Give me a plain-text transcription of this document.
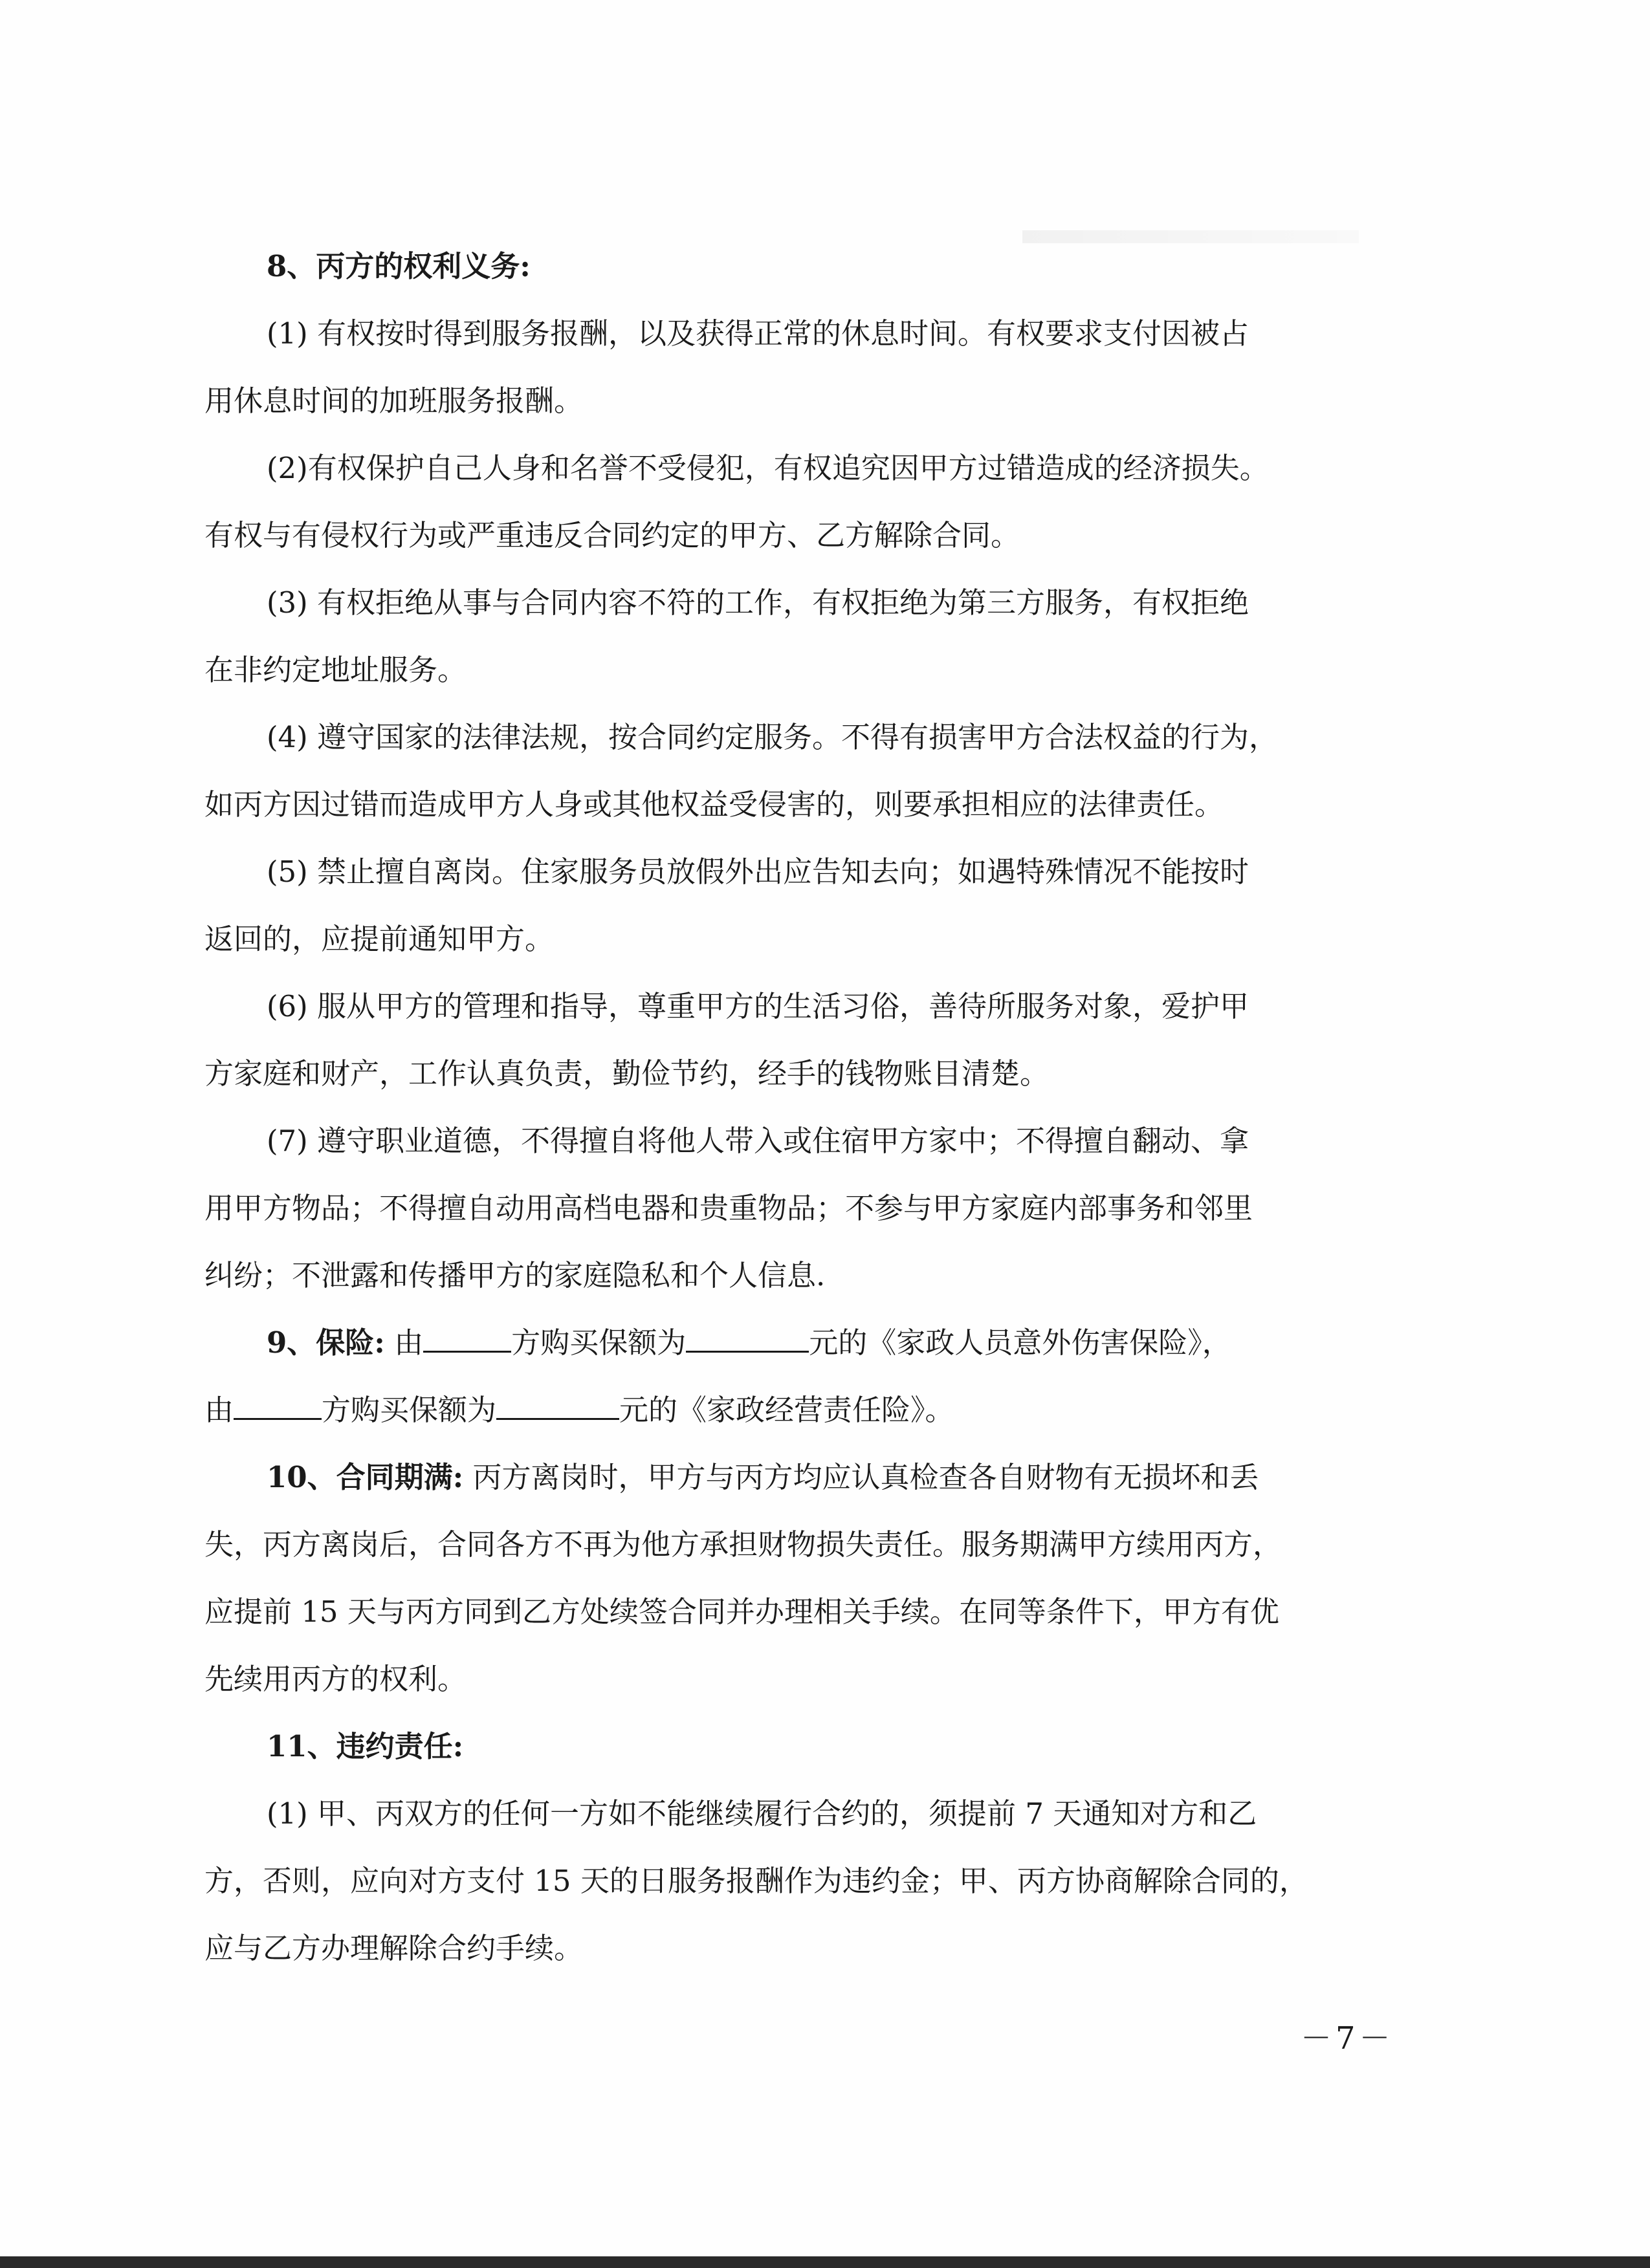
8、丙方的权利义务:
(1) 有权按时得到服务报酬，以及获得正常的休息时间。有权要求支付因被占
用休息时间的加班服务报酬。
(2)有权保护自己人身和名誉不受侵犯，有权追究因甲方过错造成的经济损失。
有权与有侵权行为或严重违反合同约定的甲方、乙方解除合同。
(3) 有权拒绝从事与合同内容不符的工作，有权拒绝为第三方服务，有权拒绝
在非约定地址服务。
(4) 遵守国家的法律法规，按合同约定服务。不得有损害甲方合法权益的行为，
如丙方因过错而造成甲方人身或其他权益受侵害的，则要承担相应的法律责任。
(5) 禁止擅自离岗。住家服务员放假外出应告知去向；如遇特殊情况不能按时
返回的，应提前通知甲方。
(6) 服从甲方的管理和指导，尊重甲方的生活习俗，善待所服务对象，爱护甲
方家庭和财产，工作认真负责，勤俭节约，经手的钱物账目清楚。
(7) 遵守职业道德，不得擅自将他人带入或住宿甲方家中；不得擅自翻动、拿
用甲方物品；不得擅自动用高档电器和贵重物品；不参与甲方家庭内部事务和邻里
纠纷；不泄露和传播甲方的家庭隐私和个人信息.
9、保险: 由	方购买保额为	元的《家政人员意外伤害保险》，
由	方购买保额为	元的《家政经营责任险》。
10、合同期满: 丙方离岗时，甲方与丙方均应认真检查各自财物有无损坏和丢
失，丙方离岗后，合同各方不再为他方承担财物损失责任。服务期满甲方续用丙方，
应提前 15 天与丙方同到乙方处续签合同并办理相关手续。在同等条件下，甲方有优
先续用丙方的权利。
11、违约责任:
(1) 甲、丙双方的任何一方如不能继续履行合约的，须提前 7 天通知对方和乙
方，否则，应向对方支付 15 天的日服务报酬作为违约金；甲、丙方协商解除合同的，
应与乙方办理解除合约手续。
－7－
